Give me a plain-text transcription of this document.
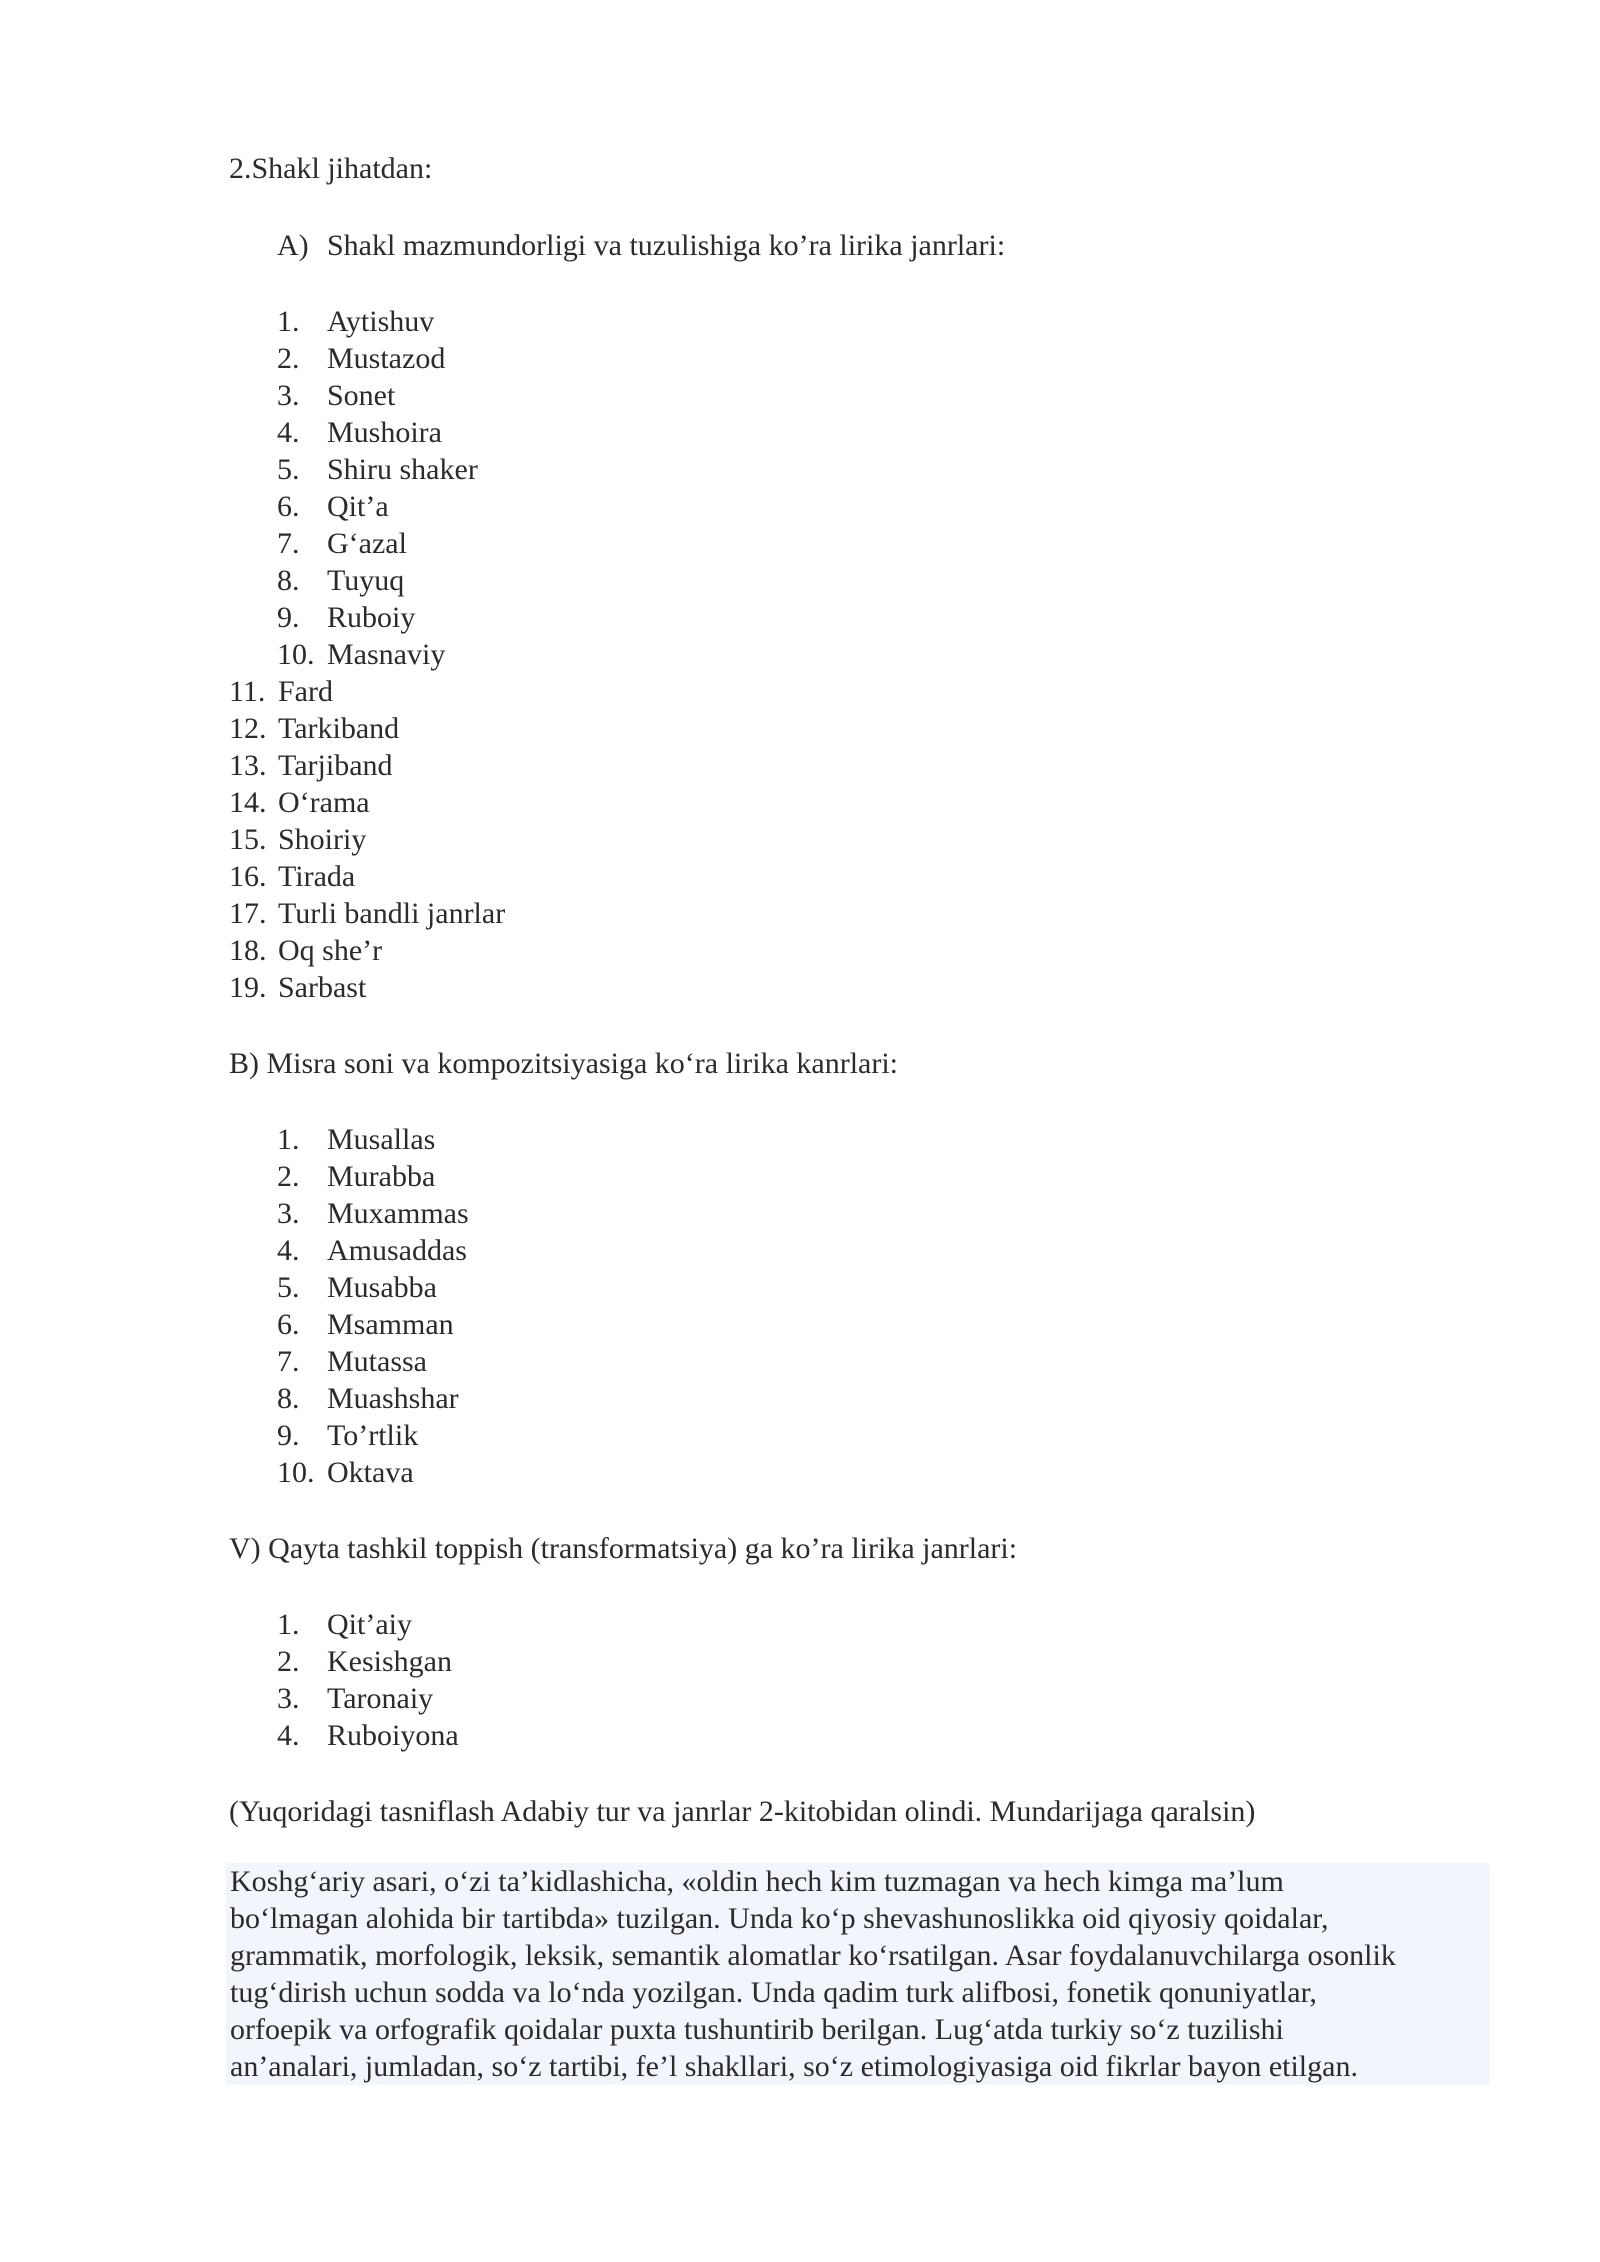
2.Shakl jihatdan:

A) Shakl mazmundorligi va tuzulishiga ko’ra lirika janrlari:

1. Aytishuv

2. Mustazod

3. Sonet

4. Mushoira

5. Shiru shaker

6. Qit’a

7. G‘azal

8. Tuyuq

9. Ruboiy

10. Masnaviy

11. Fard

12. Tarkiband

13. Tarjiband

14. O‘rama

15. Shoiriy

16. Tirada

17. Turli bandli janrlar

18. Oq she’r

19. Sarbast

B) Misra soni va kompozitsiyasiga ko‘ra lirika kanrlari:

1. Musallas

2. Murabba

3. Muxammas

4. Amusaddas

5. Musabba

6. Msamman

7. Mutassa

8. Muashshar

9. To’rtlik

10. Oktava

V) Qayta tashkil toppish (transformatsiya) ga ko’ra lirika janrlari:

1. Qit’aiy

2. Kesishgan

3. Taronaiy

4. Ruboiyona

(Yuqoridagi tasniflash Adabiy tur va janrlar 2-kitobidan olindi. Mundarijaga qaralsin)

Koshg‘ariy asari, o‘zi ta’kidlashicha, «oldin hech kim tuzmagan va hech kimga ma’lum
bo‘lmagan alohida bir tartibda» tuzilgan. Unda ko‘p shevashunoslikka oid qiyosiy qoidalar,
grammatik, morfologik, leksik, semantik alomatlar ko‘rsatilgan. Asar foydalanuvchilarga osonlik
tug‘dirish uchun sodda va lo‘nda yozilgan. Unda qadim turk alifbosi, fonetik qonuniyatlar,
orfoepik va orfografik qoidalar puxta tushuntirib berilgan. Lug‘atda turkiy so‘z tuzilishi
an’analari, jumladan, so‘z tartibi, fe’l shakllari, so‘z etimologiyasiga oid fikrlar bayon etilgan.
